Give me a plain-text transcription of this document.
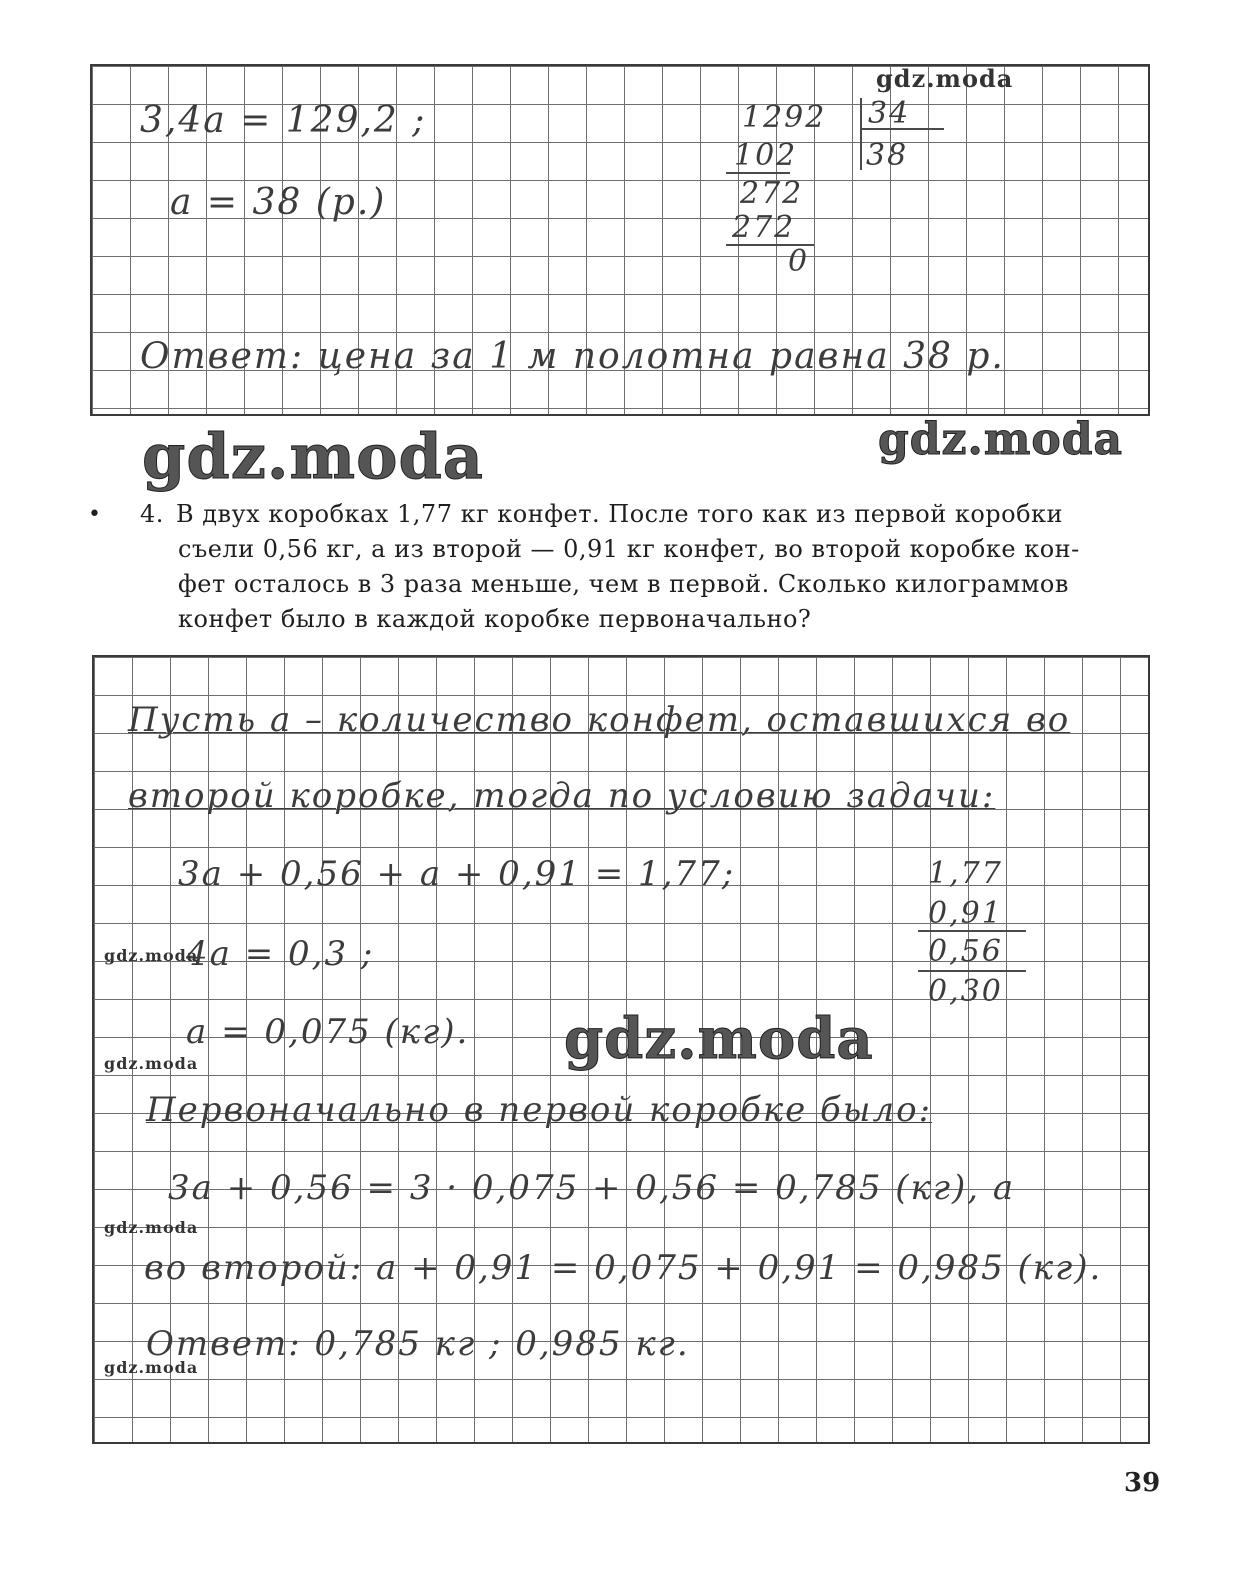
gdz.moda
3,4a = 129,2 ;
a = 38 (р.)
1292 34
38
102
272
272
0
Ответ: цена за 1 м полотна равна 38 р.
gdz.moda	gdz.moda
•	4. В двух коробках 1,77 кг конфет. После того как из первой коробки
съели 0,56 кг, а из второй — 0,91 кг конфет, во второй коробке кон-
фет осталось в 3 раза меньше, чем в первой. Сколько килограммов
конфет было в каждой коробке первоначально?
Пусть a – количество конфет, оставшихся во
второй коробке, тогда по условию задачи:
3a + 0,56 + a + 0,91 = 1,77;
4a = 0,3 ;
a = 0,075 (кг).
1,77
0,91
0,56
0,30
gdz.moda
Первоначально в первой коробке было:
3a + 0,56 = 3 · 0,075 + 0,56 = 0,785 (кг), а
во второй: a + 0,91 = 0,075 + 0,91 = 0,985 (кг).
Ответ: 0,785 кг ; 0,985 кг.
gdz.moda
gdz.moda
gdz.moda
gdz.moda
39
